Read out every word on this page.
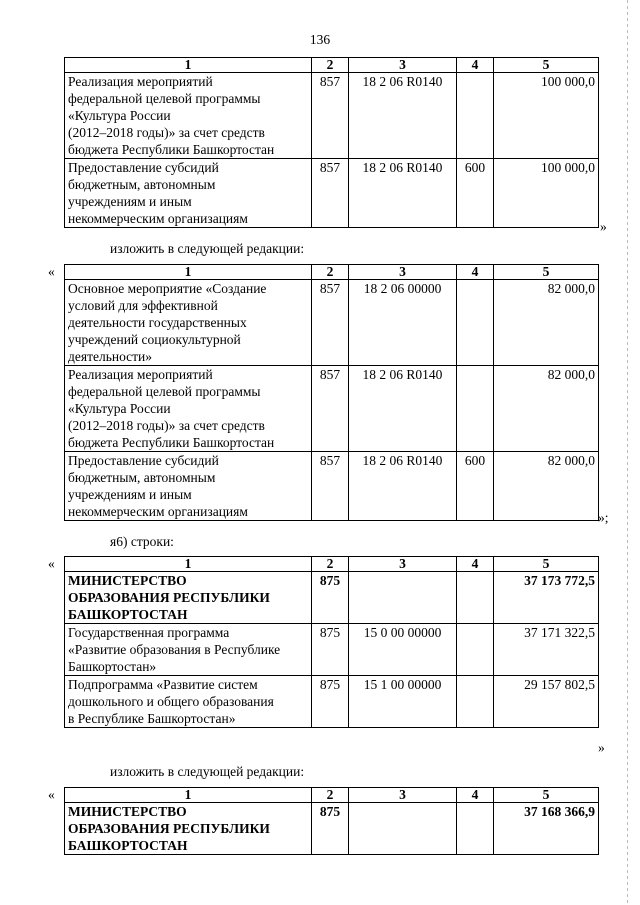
136
1	2	3	4	5

Реализация мероприятий
федеральной целевой программы
«Культура России
(2012–2018 годы)» за счет средств
бюджета Республики Башкортостан	857	18 2 06 R0140		100 000,0

Предоставление субсидий
бюджетным, автономным
учреждениям и иным
некоммерческим организациям	857	18 2 06 R0140	600	100 000,0
»
изложить в следующей редакции:
«	1	2	3	4	5

Основное мероприятие «Создание
условий для эффективной
деятельности государственных
учреждений социокультурной
деятельности»	857	18 2 06 00000		82 000,0

Реализация мероприятий
федеральной целевой программы
«Культура России
(2012–2018 годы)» за счет средств
бюджета Республики Башкортостан	857	18 2 06 R0140		82 000,0

Предоставление субсидий
бюджетным, автономным
учреждениям и иным
некоммерческим организациям	857	18 2 06 R0140	600	82 000,0
»;
я6) строки:
«	1	2	3	4	5

МИНИСТЕРСТВО
ОБРАЗОВАНИЯ РЕСПУБЛИКИ
БАШКОРТОСТАН	875			37 173 772,5

Государственная программа
«Развитие образования в Республике
Башкортостан»	875	15 0 00 00000		37 171 322,5

Подпрограмма «Развитие систем
дошкольного и общего образования
в Республике Башкортостан»	875	15 1 00 00000		29 157 802,5
»
изложить в следующей редакции:
«	1	2	3	4	5

МИНИСТЕРСТВО
ОБРАЗОВАНИЯ РЕСПУБЛИКИ
БАШКОРТОСТАН	875			37 168 366,9
